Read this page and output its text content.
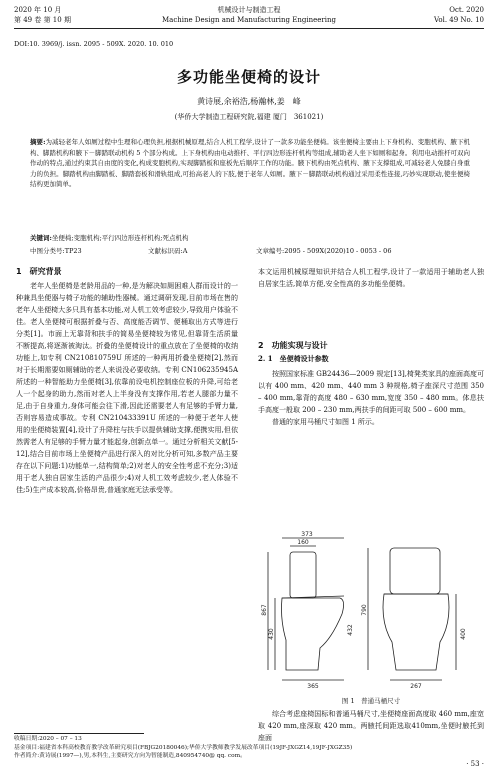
2020 年 10 月
第 49 卷 第 10 期
机械设计与制造工程
Machine Design and Manufacturing Engineering
Oct. 2020
Vol. 49 No. 10
DOI:10. 3969/j. issn. 2095 - 509X. 2020. 10. 010
多功能坐便椅的设计
黄诗展,余裕浩,杨瀚林,姜　峰
(华侨大学制造工程研究院,福建 厦门　361021)
摘要:为减轻老年人如厕过程中生理和心理负担,根据机械原理,结合人机工程学,设计了一款多功能坐便椅。该坐便椅主要由上下身机构、变胞机构、腋下机构、脚踏机构和腋下－脚踏联动机构 5 个部分构成。上下身机构由电动推杆、平行四边形连杆机构等组成,辅助老人坐下如厕和起身。利用电动推杆可双向作动的特点,通过约束其自由度的变化,构成变胞机构,实现脚踏板和座板先后顺序工作的功能。腋下机构由死点机构、腋下支撑组成,可减轻老人免膝自身重力的负担。脚踏机构由脚踏板、脚踏套板和滑轨组成,可抬高老人的下肢,便于老年人如厕。腋下－脚踏联动机构通过采用柔性连接,巧妙实现联动,使坐便椅结构更加简单。
关键词:坐便椅;变胞机构;平行四边形连杆机构;死点机构
中图分类号:TP23	文献标识码:A	文章编号:2095 - 509X(2020)10 - 0053 - 06
1　研究背景

老年人坐便椅是老龄用品的一种,是为解决如厕困难人群而设计的一种兼具坐便器与椅子功能的辅助性器械。通过调研发现,目前市场在售的老年人坐便椅大多只具有基本功能,对人机工效考虑较少,导致用户体验不佳。老人坐便椅可根据折叠与否、高度能否调节、便桶取出方式等进行分类[1]。市面上无靠背和扶手的简易坐便椅较为常见,但靠背生活质量不断提高,将逐渐被淘汰。折叠的坐便椅设计的重点放在了坐便椅的收纳功能上,如专利 CN210810759U 所述的一种两用折叠坐便椅[2],然而对于长期需要如厕辅助的老人来说没必要收纳。专利 CN106235945A 所述的一种智能助力坐便椅[3],依靠前设电机控制座位板的升降,可给老人一个起身的助力,然而对老人上半身没有支撑作用,若老人腿部力量不足,由于自身重力,身体可能会往下滑,因此还需要老人有足够的手臂力量,否则容易造成事故。专利 CN210433391U 所述的一种便于老年人使用的坐便椅装置[4],设计了升降柱与扶手以提供辅助支撑,便携实用,但依然需老人有足够的手臂力量才能起身,创新点单一。通过分析相关文献[5-12],结合目前市场上坐便椅产品进行深入的对比分析可知,多数产品主要存在以下问题:1)功能单一,结构简单;2)对老人的安全性考虑不充分;3)适用于老人独自居家生活的产品很少;4)对人机工效考虑较少,老人体验不佳;5)生产成本较高,价格昂贵,普通家庭无法承受等。

本文运用机械原理知识并结合人机工程学,设计了一款适用于辅助老人独自居家生活,简单方便,安全性高的多功能坐便椅。

2　功能实现与设计
2. 1　坐便椅设计参数

按照国家标准 GB24436—2009 规定[13],椅凳类家具的座面高度可以有 400 mm、420 mm、440 mm 3 种规格,椅子座深尺寸范围 350 – 400 mm,靠背的高度 480 – 630 mm,宽度 350 – 480 mm。体息扶手高度一般取 200 – 230 mm,两扶手的间距可取 500 – 600 mm。

普通的家用马桶尺寸如图 1 所示。

373
160
867
430
790
432	400
365	267
图 1　普通马桶尺寸

综合考虑座椅国标和普通马桶尺寸,坐便椅座面高度取 460 mm,座宽取 420 mm,座深取 420 mm。两腋托间距选取410mm,坐便时腋托到座面

收稿日期:2020 – 07 – 13
基金项目:福建省本科高校教育教学改革研究项目(FBJG20180046);华侨大学教师教学发展改革项目(19JF-JXGZ14,19JF-JXGZ35)
作者简介:黄诗展(1997—),男,本科生,主要研究方向为智能制造,840954740@ qq. com。
· 53 ·
